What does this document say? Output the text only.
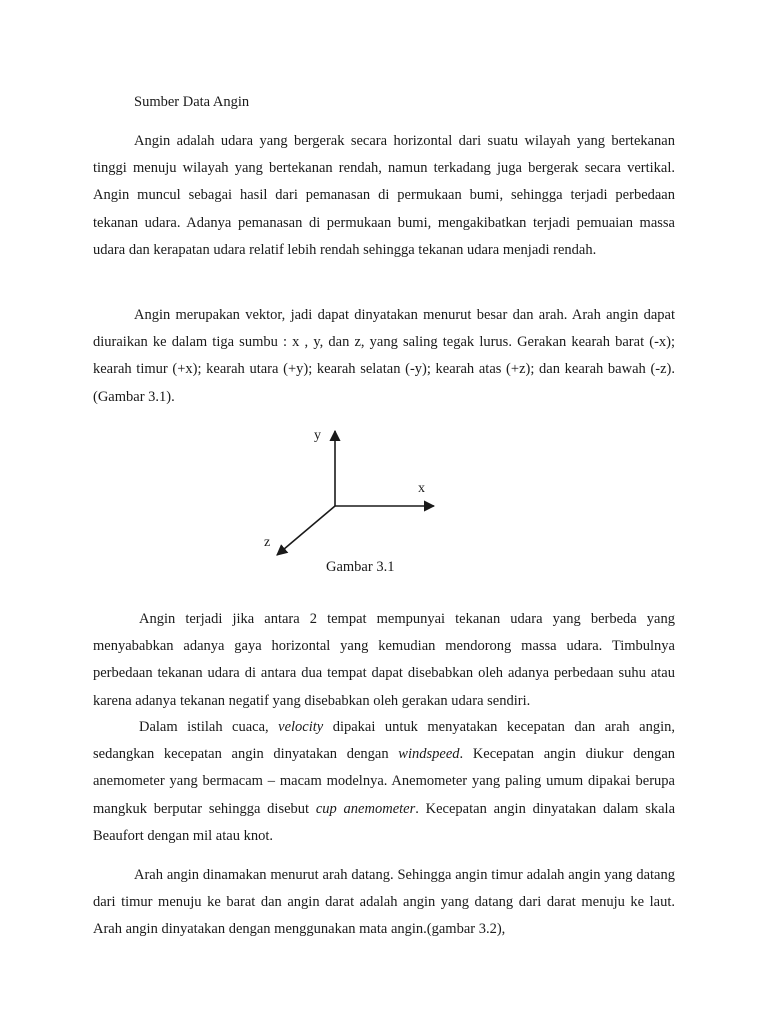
Sumber Data Angin

Angin adalah udara yang bergerak secara horizontal dari suatu wilayah yang bertekanan tinggi menuju wilayah yang bertekanan rendah, namun terkadang juga bergerak secara vertikal. Angin muncul sebagai hasil dari pemanasan di permukaan bumi, sehingga terjadi perbedaan tekanan udara. Adanya pemanasan di permukaan bumi, mengakibatkan terjadi pemuaian massa udara dan kerapatan udara relatif lebih rendah sehingga tekanan udara menjadi rendah.

Angin merupakan vektor, jadi dapat dinyatakan menurut besar dan arah. Arah angin dapat diuraikan ke dalam tiga sumbu : x , y, dan z, yang saling tegak lurus. Gerakan kearah barat (-x); kearah timur (+x); kearah utara (+y); kearah selatan (-y); kearah atas (+z); dan kearah bawah (-z). (Gambar 3.1).

y
x
z
Gambar 3.1

Angin terjadi jika antara 2 tempat mempunyai tekanan udara yang berbeda yang menyababkan adanya gaya horizontal yang kemudian mendorong massa udara. Timbulnya perbedaan tekanan udara di antara dua tempat dapat disebabkan oleh adanya perbedaan suhu atau karena adanya tekanan negatif yang disebabkan oleh gerakan udara sendiri.

Dalam istilah cuaca, velocity dipakai untuk menyatakan kecepatan dan arah angin, sedangkan kecepatan angin dinyatakan dengan windspeed. Kecepatan angin diukur dengan anemometer yang bermacam – macam modelnya. Anemometer yang paling umum dipakai berupa mangkuk berputar sehingga disebut cup anemometer. Kecepatan angin dinyatakan dalam skala Beaufort dengan mil atau knot.

Arah angin dinamakan menurut arah datang. Sehingga angin timur adalah angin yang datang dari timur menuju ke barat dan angin darat adalah angin yang datang dari darat menuju ke laut. Arah angin dinyatakan dengan menggunakan mata angin.(gambar 3.2),
